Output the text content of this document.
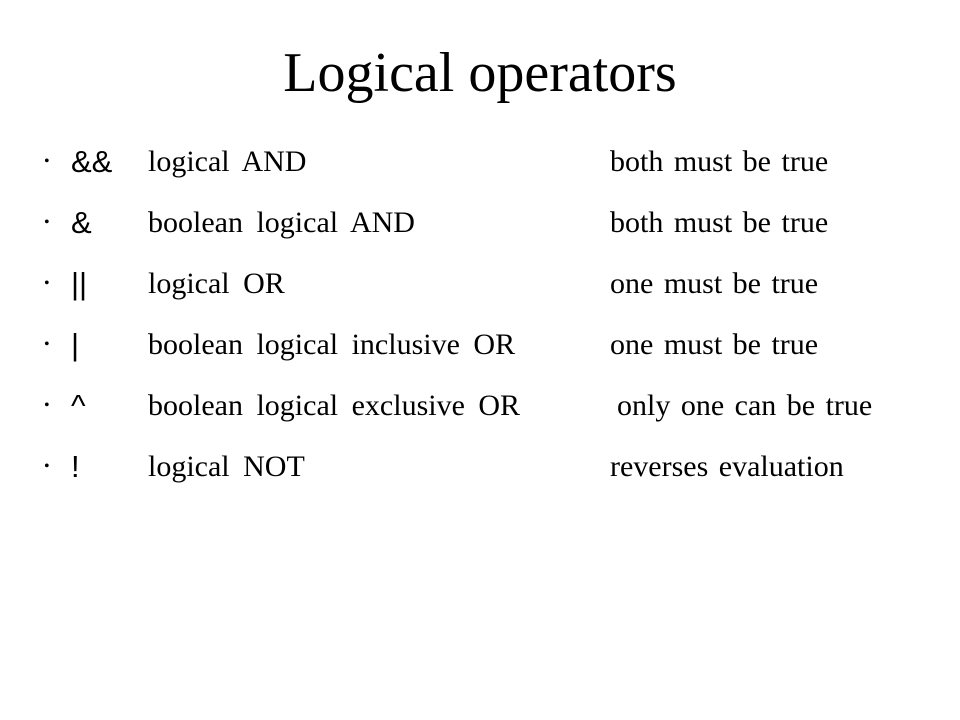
Logical operators
• && logical AND	both must be true
• & boolean logical AND	both must be true
• || logical OR	one must be true
• | boolean logical inclusive OR	one must be true
• ^ boolean logical exclusive OR	only one can be true
• ! logical NOT	reverses evaluation
